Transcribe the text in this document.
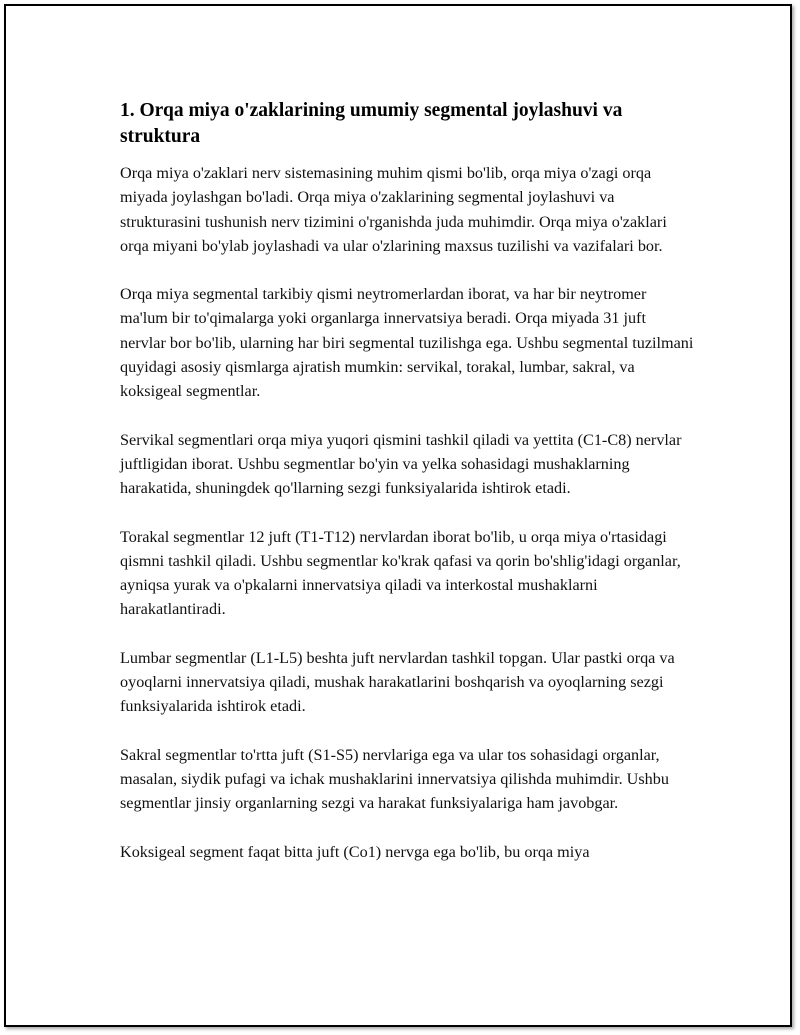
1. Orqa miya o'zaklarining umumiy segmental joylashuvi va struktura

Orqa miya o'zaklari nerv sistemasining muhim qismi bo'lib, orqa miya o'zagi orqa miyada joylashgan bo'ladi. Orqa miya o'zaklarining segmental joylashuvi va strukturasini tushunish nerv tizimini o'rganishda juda muhimdir. Orqa miya o'zaklari orqa miyani bo'ylab joylashadi va ular o'zlarining maxsus tuzilishi va vazifalari bor.

Orqa miya segmental tarkibiy qismi neytromerlardan iborat, va har bir neytromer ma'lum bir to'qimalarga yoki organlarga innervatsiya beradi. Orqa miyada 31 juft nervlar bor bo'lib, ularning har biri segmental tuzilishga ega. Ushbu segmental tuzilmani quyidagi asosiy qismlarga ajratish mumkin: servikal, torakal, lumbar, sakral, va koksigeal segmentlar.

Servikal segmentlari orqa miya yuqori qismini tashkil qiladi va yettita (C1-C8) nervlar juftligidan iborat. Ushbu segmentlar bo'yin va yelka sohasidagi mushaklarning harakatida, shuningdek qo'llarning sezgi funksiyalarida ishtirok etadi.

Torakal segmentlar 12 juft (T1-T12) nervlardan iborat bo'lib, u orqa miya o'rtasidagi qismni tashkil qiladi. Ushbu segmentlar ko'krak qafasi va qorin bo'shlig'idagi organlar, ayniqsa yurak va o'pkalarni innervatsiya qiladi va interkostal mushaklarni harakatlantiradi.

Lumbar segmentlar (L1-L5) beshta juft nervlardan tashkil topgan. Ular pastki orqa va oyoqlarni innervatsiya qiladi, mushak harakatlarini boshqarish va oyoqlarning sezgi funksiyalarida ishtirok etadi.

Sakral segmentlar to'rtta juft (S1-S5) nervlariga ega va ular tos sohasidagi organlar, masalan, siydik pufagi va ichak mushaklarini innervatsiya qilishda muhimdir. Ushbu segmentlar jinsiy organlarning sezgi va harakat funksiyalariga ham javobgar.

Koksigeal segment faqat bitta juft (Co1) nervga ega bo'lib, bu orqa miya
